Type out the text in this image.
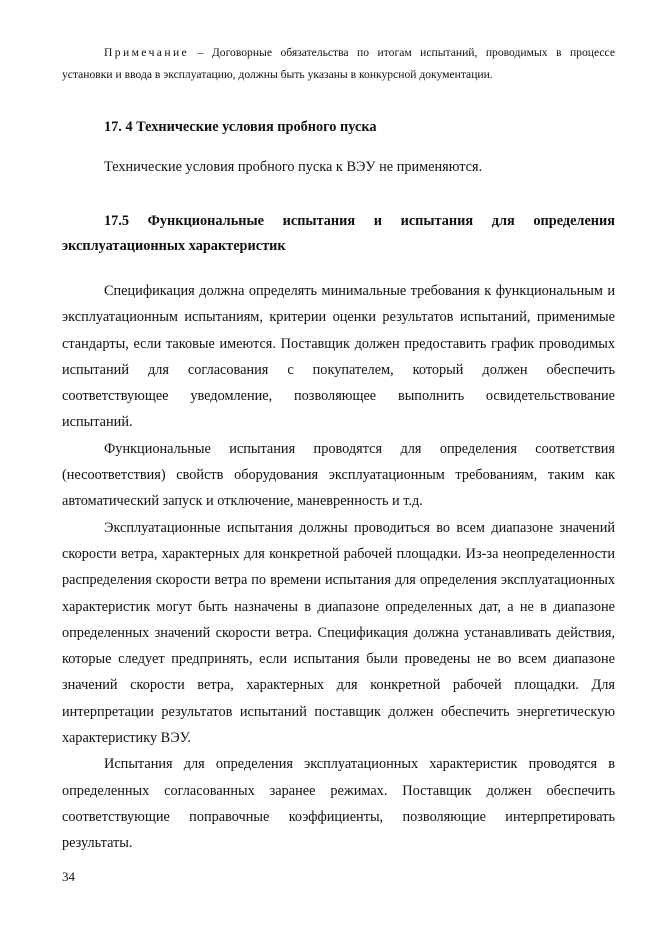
Примечание – Договорные обязательства по итогам испытаний, проводимых в процессе установки и ввода в эксплуатацию, должны быть указаны в конкурсной документации.
17. 4 Технические условия пробного пуска
Технические условия пробного пуска к ВЭУ не применяются.
17.5 Функциональные испытания и испытания для определения эксплуатационных характеристик

Спецификация должна определять минимальные требования к функциональным и эксплуатационным испытаниям, критерии оценки результатов испытаний, применимые стандарты, если таковые имеются. Поставщик должен предоставить график проводимых испытаний для согласования с покупателем, который должен обеспечить соответствующее уведомление, позволяющее выполнить освидетельствование испытаний.

Функциональные испытания проводятся для определения соответствия (несоответствия) свойств оборудования эксплуатационным требованиям, таким как автоматический запуск и отключение, маневренность и т.д.

Эксплуатационные испытания должны проводиться во всем диапазоне значений скорости ветра, характерных для конкретной рабочей площадки. Из-за неопределенности распределения скорости ветра по времени испытания для определения эксплуатационных характеристик могут быть назначены в диапазоне определенных дат, а не в диапазоне определенных значений скорости ветра. Спецификация должна устанавливать действия, которые следует предпринять, если испытания были проведены не во всем диапазоне значений скорости ветра, характерных для конкретной рабочей площадки. Для интерпретации результатов испытаний поставщик должен обеспечить энергетическую характеристику ВЭУ.

Испытания для определения эксплуатационных характеристик проводятся в определенных согласованных заранее режимах. Поставщик должен обеспечить соответствующие поправочные коэффициенты, позволяющие интерпретировать результаты.

34
